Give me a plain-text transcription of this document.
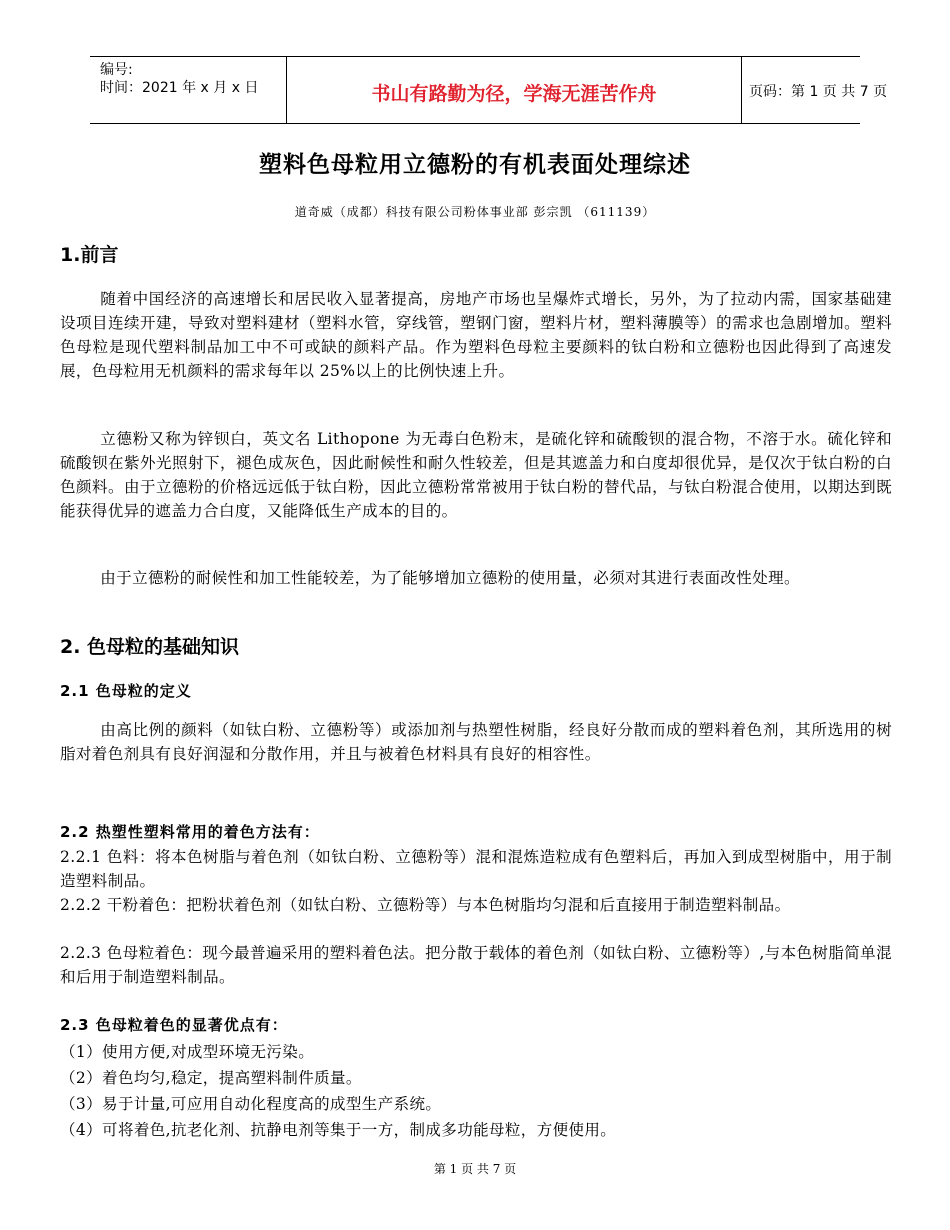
编号:
时间：2021 年 x 月 x 日	书山有路勤为径，学海无涯苦作舟	页码：第 1 页 共 7 页
塑料色母粒用立德粉的有机表面处理综述
道奇威（成都）科技有限公司粉体事业部 彭宗凯 （611139）
1.前言
随着中国经济的高速增长和居民收入显著提高，房地产市场也呈爆炸式增长，另外，为了拉动内需，国家基础建设项目连续开建，导致对塑料建材（塑料水管，穿线管，塑钢门窗，塑料片材，塑料薄膜等）的需求也急剧增加。塑料色母粒是现代塑料制品加工中不可或缺的颜料产品。作为塑料色母粒主要颜料的钛白粉和立德粉也因此得到了高速发展，色母粒用无机颜料的需求每年以 25%以上的比例快速上升。
立德粉又称为锌钡白，英文名 Lithopone 为无毒白色粉末，是硫化锌和硫酸钡的混合物，不溶于水。硫化锌和硫酸钡在紫外光照射下，褪色成灰色，因此耐候性和耐久性较差，但是其遮盖力和白度却很优异，是仅次于钛白粉的白色颜料。由于立德粉的价格远远低于钛白粉，因此立德粉常常被用于钛白粉的替代品，与钛白粉混合使用，以期达到既能获得优异的遮盖力合白度，又能降低生产成本的目的。
由于立德粉的耐候性和加工性能较差，为了能够增加立德粉的使用量，必须对其进行表面改性处理。
2. 色母粒的基础知识
2.1 色母粒的定义
由高比例的颜料（如钛白粉、立德粉等）或添加剂与热塑性树脂，经良好分散而成的塑料着色剂，其所选用的树脂对着色剂具有良好润湿和分散作用，并且与被着色材料具有良好的相容性。
2.2 热塑性塑料常用的着色方法有：
2.2.1 色料：将本色树脂与着色剂（如钛白粉、立德粉等）混和混炼造粒成有色塑料后，再加入到成型树脂中，用于制造塑料制品。
2.2.2 干粉着色：把粉状着色剂（如钛白粉、立德粉等）与本色树脂均匀混和后直接用于制造塑料制品。
2.2.3 色母粒着色：现今最普遍采用的塑料着色法。把分散于载体的着色剂（如钛白粉、立德粉等）,与本色树脂简单混和后用于制造塑料制品。
2.3 色母粒着色的显著优点有：
（1）使用方便,对成型环境无污染。
（2）着色均匀,稳定，提高塑料制件质量。
（3）易于计量,可应用自动化程度高的成型生产系统。
（4）可将着色,抗老化剂、抗静电剂等集于一方，制成多功能母粒，方便使用。
第 1 页 共 7 页
